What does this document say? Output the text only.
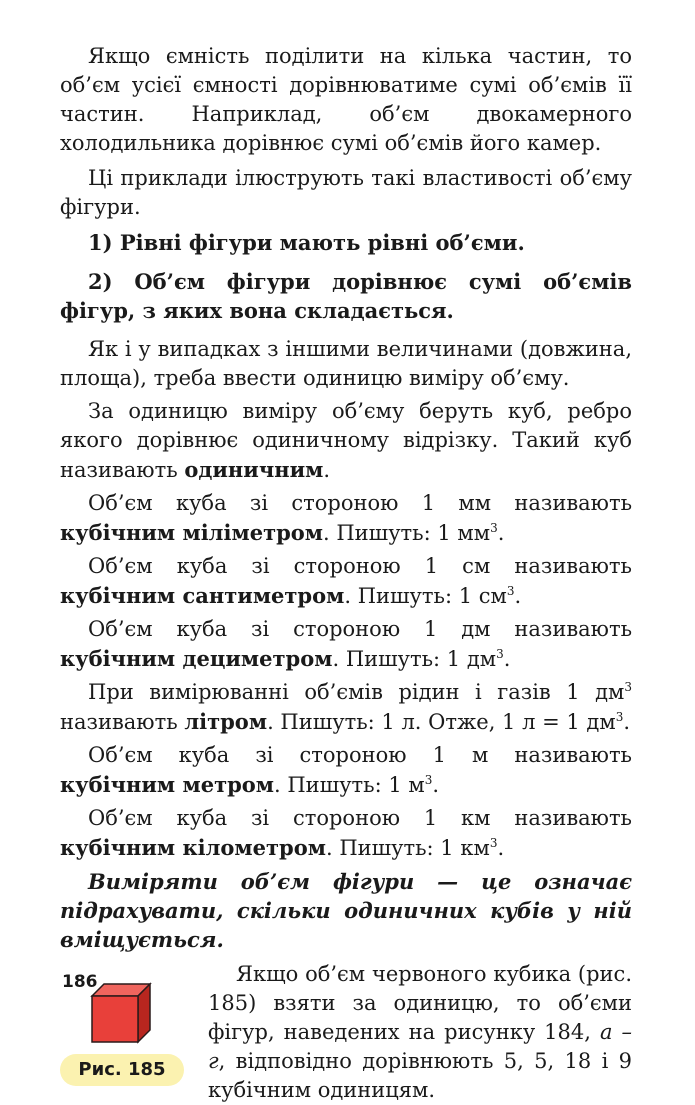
Якщо ємність поділити на кілька частин, то об’єм усієї ємності дорівнюватиме сумі об’ємів її частин. Наприклад, об’єм двокамерного холодильника дорівнює сумі об’ємів його камер.

Ці приклади ілюструють такі властивості об’єму фігури.

1) Рівні фігури мають рівні об’єми.

2) Об’єм фігури дорівнює сумі об’ємів фігур, з яких вона складається.

Як і у випадках з іншими величинами (довжина, площа), треба ввести одиницю виміру об’єму.

За одиницю виміру об’єму беруть куб, ребро якого дорівнює одиничному відрізку. Такий куб називають одиничним.

Об’єм куба зі стороною 1 мм називають кубічним міліметром. Пишуть: 1 $мм^3$.

Об’єм куба зі стороною 1 см називають кубічним сантиметром. Пишуть: 1 $см^3$.

Об’єм куба зі стороною 1 дм називають кубічним дециметром. Пишуть: 1 $дм^3$.

При вимірюванні об’ємів рідин і газів 1 $дм^3$ називають літром. Пишуть: 1 л. Отже, 1 л = 1 $дм^3$.

Об’єм куба зі стороною 1 м називають кубічним метром. Пишуть: 1 $м^3$.

Об’єм куба зі стороною 1 км називають кубічним кілометром. Пишуть: 1 $км^3$.

Виміряти об’єм фігури — це означає підрахувати, скільки одиничних кубів у ній вміщується.

Рис. 185

Якщо об’єм червоного кубика (рис. 185) взяти за одиницю, то об’єми фігур, наведених на рисунку 184, а – г, відповідно дорівнюють 5, 5, 18 і 9 кубічним одиницям.

186
